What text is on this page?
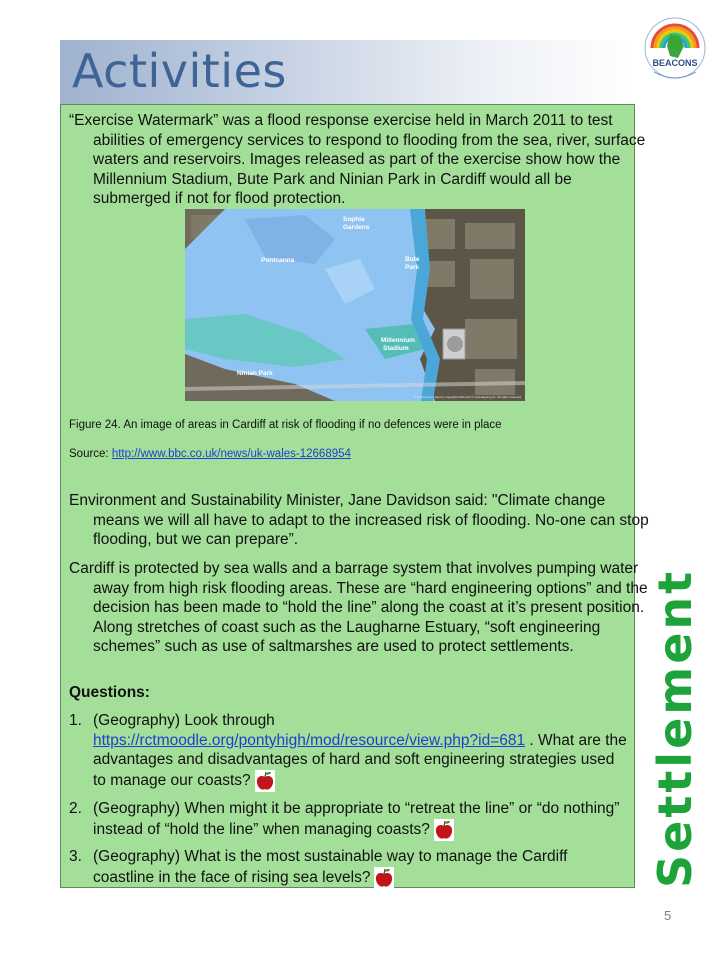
Activities	BEACONS

“Exercise Watermark” was a flood response exercise held in March 2011 to test abilities of emergency services to respond to flooding from the sea, river, surface waters and reservoirs. Images released as part of the exercise show how the Millennium Stadium, Bute Park and Ninian Park in Cardiff would all be submerged if not for flood protection.

Sophia
Gardens
Pontcanna	Bute
Park
Millennium
Stadium
Ninian Park
© Environment Agency copyright 2011 and © Getmapping plc. All rights reserved

Figure 24. An image of areas in Cardiff at risk of flooding if no defences were in place

Source: http://www.bbc.co.uk/news/uk-wales-12668954

Environment and Sustainability Minister, Jane Davidson said: "Climate change means we will all have to adapt to the increased risk of flooding. No-one can stop flooding, but we can prepare”.

Cardiff is protected by sea walls and a barrage system that involves pumping water away from high risk flooding areas. These are “hard engineering options” and the decision has been made to “hold the line” along the coast at it’s present position. Along stretches of coast such as the Laugharne Estuary, “soft engineering schemes” such as use of saltmarshes are used to protect settlements.

Questions:

1. (Geography) Look through https://rctmoodle.org/pontyhigh/mod/resource/view.php?id=681 . What are the advantages and disadvantages of hard and soft engineering strategies used to manage our coasts?
2. (Geography) When might it be appropriate to “retreat the line” or “do nothing” instead of “hold the line” when managing coasts?
3. (Geography) What is the most sustainable way to manage the Cardiff coastline in the face of rising sea levels?	Settlement
5
